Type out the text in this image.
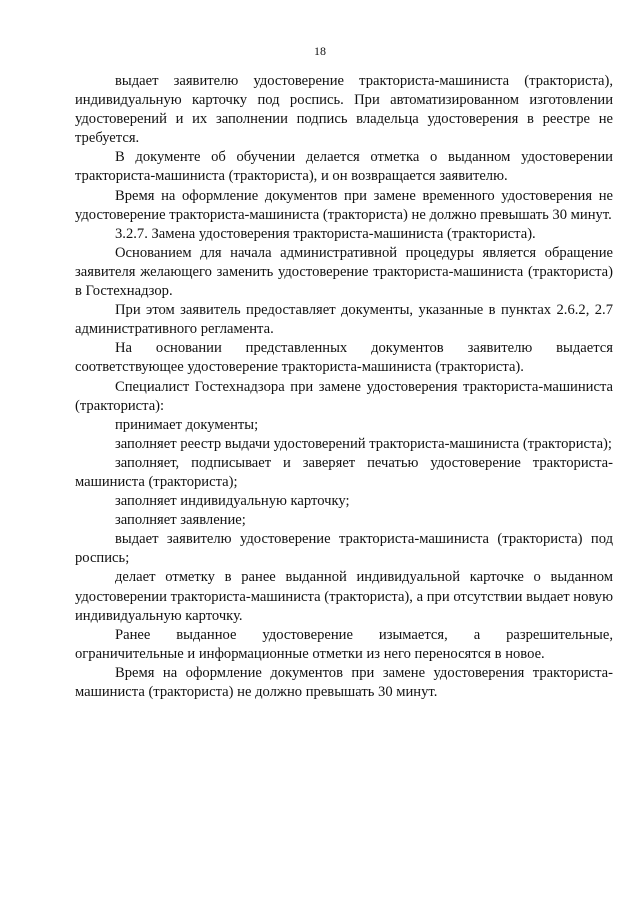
18

выдает заявителю удостоверение тракториста-машиниста (тракториста), индивидуальную карточку под роспись. При автоматизированном изготовлении удостоверений и их заполнении подпись владельца удостоверения в реестре не требуется.

В документе об обучении делается отметка о выданном удостоверении тракториста-машиниста (тракториста), и он возвращается заявителю.

Время на оформление документов при замене временного удостоверения не удостоверение тракториста-машиниста (тракториста) не должно превышать 30 минут.

3.2.7. Замена удостоверения тракториста-машиниста (тракториста).

Основанием для начала административной процедуры является обращение заявителя желающего заменить удостоверение тракториста-машиниста (тракториста) в Гостехнадзор.

При этом заявитель предоставляет документы, указанные в пунктах 2.6.2, 2.7 административного регламента.

На основании представленных документов заявителю выдается соответствующее удостоверение тракториста-машиниста (тракториста).

Специалист Гостехнадзора при замене удостоверения тракториста-машиниста (тракториста):

принимает документы;

заполняет реестр выдачи удостоверений тракториста-машиниста (тракториста);

заполняет, подписывает и заверяет печатью удостоверение тракториста-машиниста (тракториста);

заполняет индивидуальную карточку;

заполняет заявление;

выдает заявителю удостоверение тракториста-машиниста (тракториста) под роспись;

делает отметку в ранее выданной индивидуальной карточке о выданном удостоверении тракториста-машиниста (тракториста), а при отсутствии выдает новую индивидуальную карточку.

Ранее выданное удостоверение изымается, а разрешительные, ограничительные и информационные отметки из него переносятся в новое.

Время на оформление документов при замене удостоверения тракториста-машиниста (тракториста) не должно превышать 30 минут.
